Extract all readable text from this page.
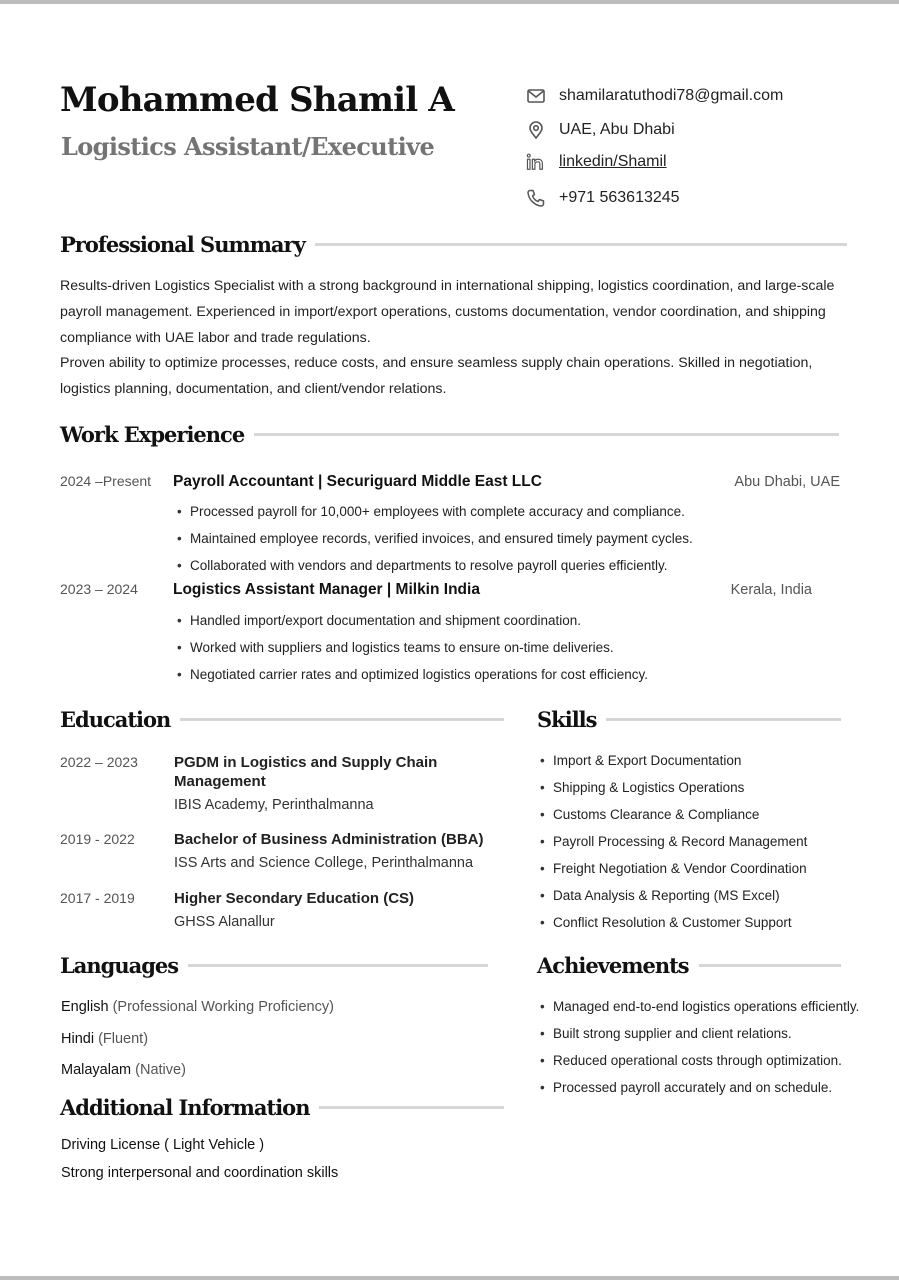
Mohammed Shamil A
Logistics Assistant/Executive
shamilaratuthodi78@gmail.com
UAE, Abu Dhabi
linkedin/Shamil
+971 563613245
Professional Summary
Results-driven Logistics Specialist with a strong background in international shipping, logistics coordination, and large-scale payroll management. Experienced in import/export operations, customs documentation, vendor coordination, and shipping compliance with UAE labor and trade regulations.
Proven ability to optimize processes, reduce costs, and ensure seamless supply chain operations. Skilled in negotiation, logistics planning, documentation, and client/vendor relations.
Work Experience
2024 –Present	Payroll Accountant | Securiguard Middle East LLC	Abu Dhabi, UAE
• Processed payroll for 10,000+ employees with complete accuracy and compliance.
• Maintained employee records, verified invoices, and ensured timely payment cycles.
• Collaborated with vendors and departments to resolve payroll queries efficiently.
2023 – 2024	Logistics Assistant Manager | Milkin India	Kerala, India
• Handled import/export documentation and shipment coordination.
• Worked with suppliers and logistics teams to ensure on-time deliveries.
• Negotiated carrier rates and optimized logistics operations for cost efficiency.
Education
2022 – 2023	PGDM in Logistics and Supply Chain Management
IBIS Academy, Perinthalmanna
2019 - 2022	Bachelor of Business Administration (BBA)
ISS Arts and Science College, Perinthalmanna
2017 - 2019	Higher Secondary Education (CS)
GHSS Alanallur
Skills
• Import & Export Documentation
• Shipping & Logistics Operations
• Customs Clearance & Compliance
• Payroll Processing & Record Management
• Freight Negotiation & Vendor Coordination
• Data Analysis & Reporting (MS Excel)
• Conflict Resolution & Customer Support
Languages
English (Professional Working Proficiency)
Hindi (Fluent)
Malayalam (Native)
Additional Information
Driving License ( Light Vehicle )
Strong interpersonal and coordination skills
Achievements
• Managed end-to-end logistics operations efficiently.
• Built strong supplier and client relations.
• Reduced operational costs through optimization.
• Processed payroll accurately and on schedule.
